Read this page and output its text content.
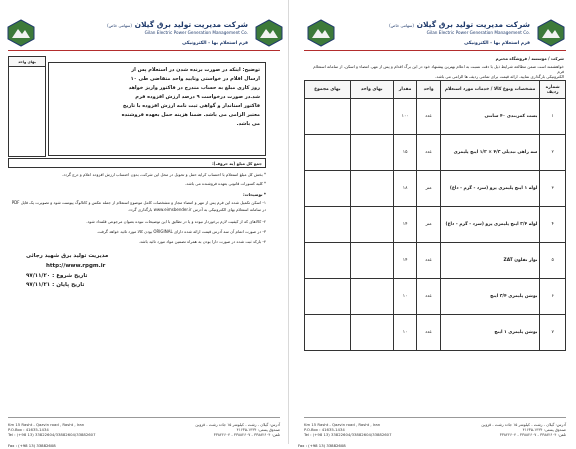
شرکت مدیریت تولید برق گیلان (سهامی خاص)
Gilan Electric Power Generation Management Co.
فرم استعلام بها - الکترونیکی
شرکت / موسسه / فروشگاه محترم
خواهشمند است ضمن مطالعه شرایط ذیل با دقت نسبت به اعلام بهترین پیشنهاد خود در این برگ اقدام و پس از مهر، امضاء و اسکن، از سامانه استعلام فرم
الکترونیکی بارگذاری نمایید. ارائه قیمت برای تمامی ردیف ها الزامی می باشد.
شماره ردیف	مشخصات ونوع کالا / خدمات مورد استعلام	واحد	مقدار	بهای واحد	بهای مجموع
۱	بست کمربندی ۴۰ سانتی	عدد	۱۰۰		
۲	سه راهی تبدیلی ۴/۳ × ۱/۲ اینچ پلیمری	عدد	۱۵		
۳	لوله ۱ اینچ پلیمری پرو (سرد - گرم - داغ)	متر	۱۸		
۴	لوله ۳/۴ اینچ پلیمری پرو (سرد - گرم - داغ)	متر	۱۴		
۵	نوار تفلون ZAT	عدد	۱۴		
۶	بوشن پلیمری ۳/۴ اینچ	عدد	۱۰		
۷	بوشن پلیمری ۱ اینچ	عدد	۱۰		
Km 15 Rasht - Qazvin road , Rasht , Iran
P.O.Box : 41635-1434
Tel : (+98 13) 33822604/33882604/33882607
آدرس: گیلان - رشت - کیلومتر ۱۵ جاده رشت - قزوین
صندوق پستی: ۱۴۳۴-۴۱۶۳۵
تلفن: ۳۳۸۸۲۶۰۴ - ۳۳۸۸۲۶۰۷ - ۳۳۸۲۲۶۰۴
شرکت مدیریت تولید برق گیلان (سهامی خاص)
Gilan Electric Power Generation Management Co.
فرم استعلام بها - الکترونیکی
بهای واحد

توضیح: اینکه در صورت برنده شدن در استعلام پس از
ارسال اقلام در خواستی وتایید واحد متقاضی طی ۱۰
روز کاری مبلغ به حساب مندرج در فاکتور واریز خواهد
شد.در صورت درخواست ۹ درصد ارزش افزوده فرم
فاکتور استاندار و گواهی ثبت نامه ارزش افزوده با تاریخ
معتبر الزامی می باشد. ضمنا هزینه حمل بعهده فروشنده
می باشد.
جمع کل مبلغ (به حروف):
* بخش کل مبلغ استعلام با احتساب کرایه حمل و تحویل در محل این شرکت، بدون احتساب ارزش افزوده اعلام و درج گردد.
* کلیه کسورات قانونی بعهده فروشنده می باشد.
* توضیحات:
۱- اسکن تکمیل شده این فرم پس از مهر و امضاء مجاز و مشخصات کامل موضوع استعلام از جمله عکس و کاتالوگ پیوست شود و تصویرت یک فایل PDF
در سامانه استعلام بهای الکترونیکی به آدرس www.eimsbender.ir بارگذاری گردد.
۲- کالاهای که از کیفیت لازم برخوردار نبوده و یا در تطابق با این توضیحات نبوده بعنوان مرجوعی قلمداد شود.
۳- در صورت اتمام آن سه آدرس قیمت ارائه شده دارای ORIGINAL بودن کالا مورد تائید خواهد گرفت.
۴- بارکد ثبت شده در صورت دارا بودن به همراه تضمین مواد مورد تائید باشد.
مدیریت تولید برق شهید رجائی
http://www.rpgm.ir
تاریخ شروع : ۹۷/۱۱/۲۰
تاریخ پایان : ۹۷/۱۱/۲۱
Km 15 Rasht - Qazvin road , Rasht , Iran
P.O.Box : 41635-1434
Tel : (+98 13) 33822604/33882604/33882607
آدرس: گیلان - رشت - کیلومتر ۱۵ جاده رشت - قزوین
صندوق پستی: ۱۴۳۴-۴۱۶۳۵
تلفن: ۳۳۸۸۲۶۰۴ - ۳۳۸۸۲۶۰۷ - ۳۳۸۲۲۶۰۴
Fax : (+98 13) 33882608	Fax : (+98 13) 33882608
